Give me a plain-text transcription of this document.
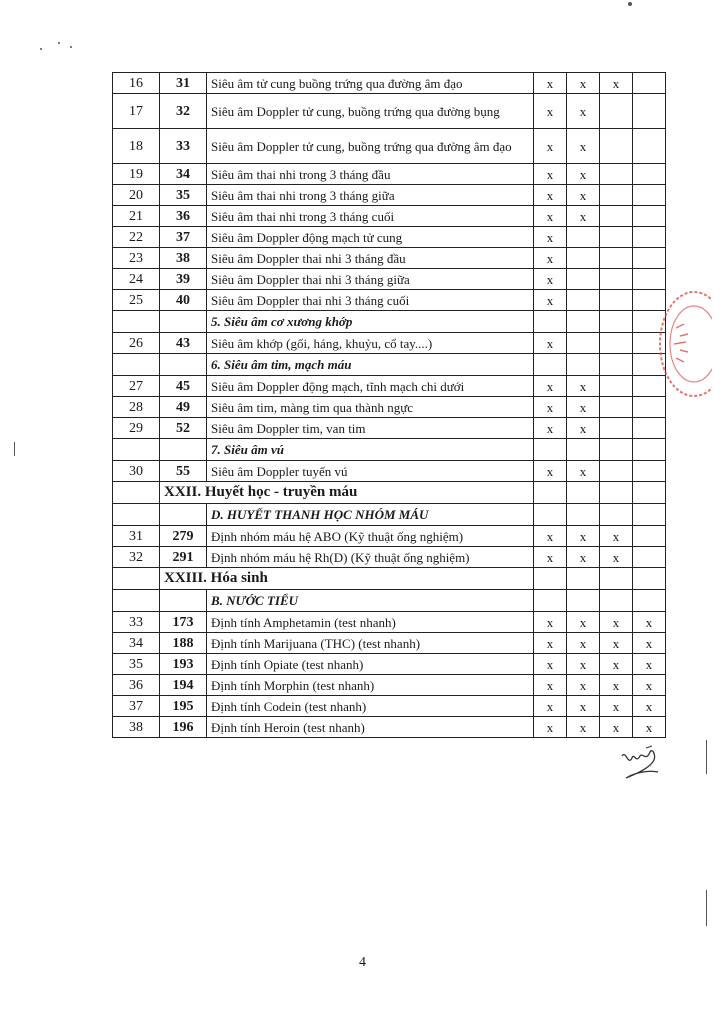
16	31	Siêu âm tử cung buồng trứng qua đường âm đạo	x	x	x	
17	32	Siêu âm Doppler tử cung, buồng trứng qua đường bụng	x	x		
18	33	Siêu âm Doppler tử cung, buồng trứng qua đường âm đạo	x	x		
19	34	Siêu âm thai nhi trong 3 tháng đầu	x	x		
20	35	Siêu âm thai nhi trong 3 tháng giữa	x	x		
21	36	Siêu âm thai nhi trong 3 tháng cuối	x	x		
22	37	Siêu âm Doppler động mạch tử cung	x			
23	38	Siêu âm Doppler thai nhi 3 tháng đầu	x			
24	39	Siêu âm Doppler thai nhi 3 tháng giữa	x			
25	40	Siêu âm Doppler thai nhi 3 tháng cuối	x			
		5. Siêu âm cơ xương khớp				
26	43	Siêu âm khớp (gối, háng, khuỷu, cổ tay....)	x			
		6. Siêu âm tim, mạch máu				
27	45	Siêu âm Doppler động mạch, tĩnh mạch chi dưới	x	x		
28	49	Siêu âm tim, màng tim qua thành ngực	x	x		
29	52	Siêu âm Doppler tim, van tim	x	x		
		7. Siêu âm vú				
30	55	Siêu âm Doppler tuyến vú	x	x		
	XXII. Huyết học - truyền máu					
		D. HUYẾT THANH HỌC NHÓM MÁU				
31	279	Định nhóm máu hệ ABO (Kỹ thuật ống nghiệm)	x	x	x	
32	291	Định nhóm máu hệ Rh(D) (Kỹ thuật ống nghiệm)	x	x	x	
	XXIII. Hóa sinh					
		B. NƯỚC TIỂU				
33	173	Định tính Amphetamin (test nhanh)	x	x	x	x
34	188	Định tính Marijuana (THC) (test nhanh)	x	x	x	x
35	193	Định tính Opiate (test nhanh)	x	x	x	x
36	194	Định tính Morphin (test nhanh)	x	x	x	x
37	195	Định tính Codein (test nhanh)	x	x	x	x
38	196	Định tính Heroin (test nhanh)	x	x	x	x
4
